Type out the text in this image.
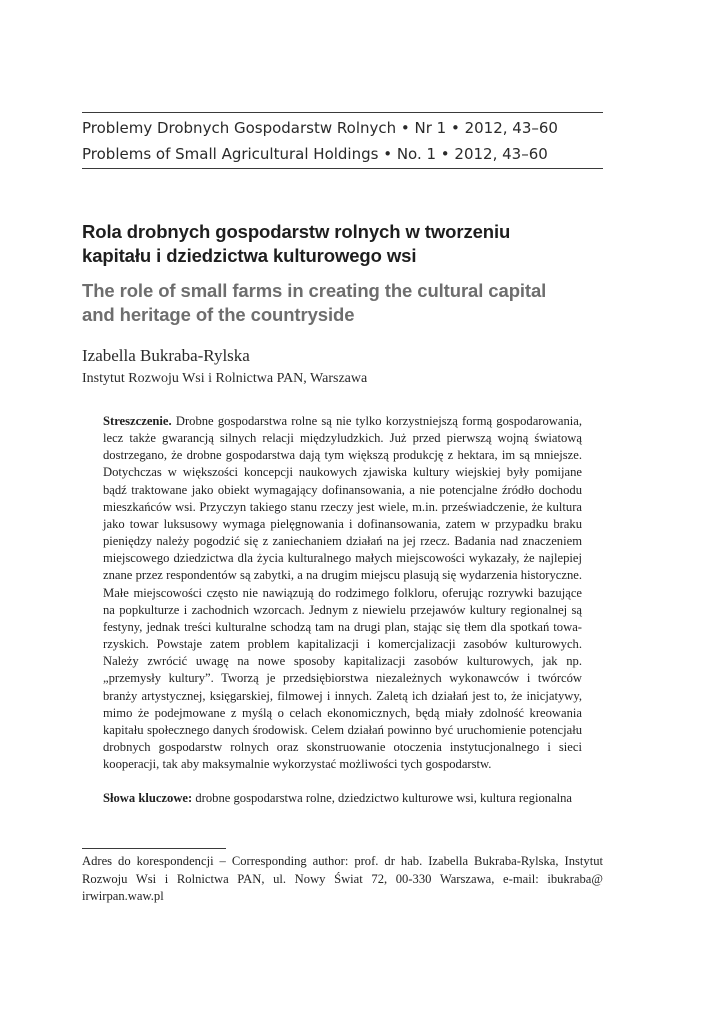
Problemy Drobnych Gospodarstw Rolnych • Nr 1 • 2012, 43–60
Problems of Small Agricultural Holdings • No. 1 • 2012, 43–60
Rola drobnych gospodarstw rolnych w tworzeniu kapitału i dziedzictwa kulturowego wsi
The role of small farms in creating the cultural capital and heritage of the countryside
Izabella Bukraba-Rylska
Instytut Rozwoju Wsi i Rolnictwa PAN, Warszawa
Streszczenie. Drobne gospodarstwa rolne są nie tylko korzystniejszą formą gospodarowania, lecz także gwarancją silnych relacji międzyludzkich. Już przed pierwszą wojną światową dostrzegano, że drobne gospodarstwa dają tym większą produkcję z hektara, im są mniejsze. Dotychczas w większości koncepcji naukowych zjawiska kultury wiejskiej były pomijane bądź traktowane jako obiekt wymagający dofinansowania, a nie potencjalne źródło dochodu mieszkańców wsi. Przyczyn takiego stanu rzeczy jest wiele, m.in. przeświadczenie, że kultura jako towar luksusowy wymaga pielęgnowania i dofinansowania, zatem w przypadku braku pieniędzy należy pogodzić się z zaniechaniem działań na jej rzecz. Badania nad znaczeniem miejscowego dziedzictwa dla życia kulturalnego małych miejscowości wykazały, że najlepiej znane przez respondentów są zabytki, a na drugim miejscu plasują się wydarzenia historyczne. Małe miejscowości często nie nawiązują do rodzimego folkloru, oferując rozrywki bazujące na popkulturze i zachodnich wzorcach. Jednym z niewielu przejawów kultury regionalnej są festyny, jednak treści kulturalne schodzą tam na drugi plan, stając się tłem dla spotkań towarzyskich. Powstaje zatem problem kapitalizacji i komercjalizacji zasobów kulturowych. Należy zwrócić uwagę na nowe sposoby kapitalizacji zasobów kulturowych, jak np. „przemysły kultury”. Tworzą je przedsiębiorstwa niezależnych wykonawców i twórców branży artystycznej, księgarskiej, filmowej i innych. Zaletą ich działań jest to, że inicjatywy, mimo że podejmowane z myślą o celach ekonomicznych, będą miały zdolność kreowania kapitału społecznego danych środowisk. Celem działań powinno być uruchomienie potencjału drobnych gospodarstw rolnych oraz skonstruowanie otoczenia instytucjonalnego i sieci kooperacji, tak aby maksymalnie wykorzystać możliwości tych gospodarstw.
Słowa kluczowe: drobne gospodarstwa rolne, dziedzictwo kulturowe wsi, kultura regionalna
Adres do korespondencji – Corresponding author: prof. dr hab. Izabella Bukraba-Rylska, Instytut Rozwoju Wsi i Rolnictwa PAN, ul. Nowy Świat 72, 00-330 Warszawa, e-mail: ibukraba@ irwirpan.waw.pl
